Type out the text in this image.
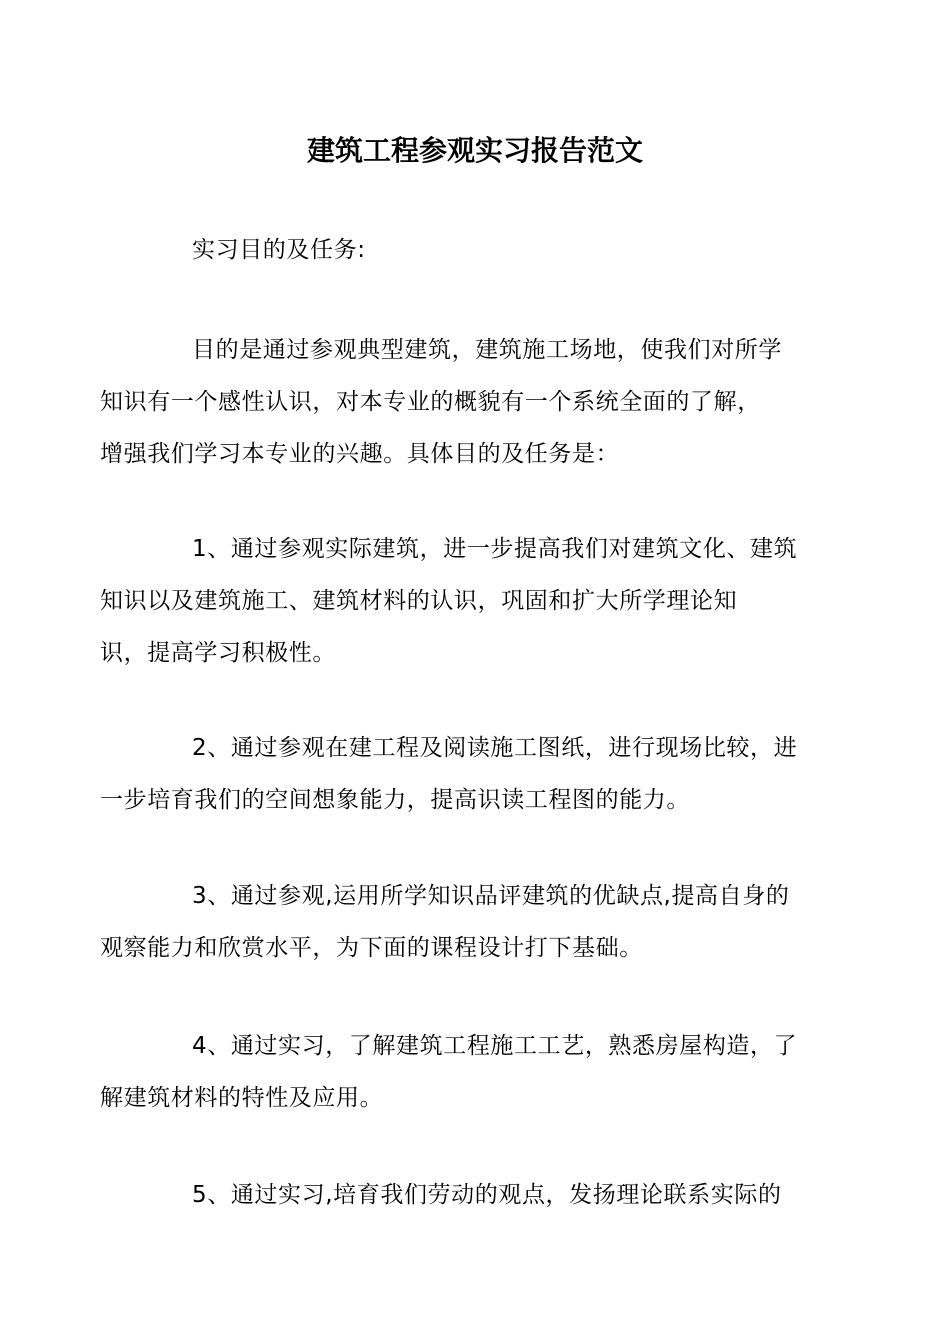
建筑工程参观实习报告范文

实习目的及任务:

目的是通过参观典型建筑，建筑施工场地，使我们对所学
知识有一个感性认识，对本专业的概貌有一个系统全面的了解，
增强我们学习本专业的兴趣。具体目的及任务是：

1、通过参观实际建筑，进一步提高我们对建筑文化、建筑
知识以及建筑施工、建筑材料的认识，巩固和扩大所学理论知
识，提高学习积极性。

2、通过参观在建工程及阅读施工图纸，进行现场比较，进
一步培育我们的空间想象能力，提高识读工程图的能力。

3、通过参观,运用所学知识品评建筑的优缺点,提高自身的
观察能力和欣赏水平，为下面的课程设计打下基础。

4、通过实习，了解建筑工程施工工艺，熟悉房屋构造，了
解建筑材料的特性及应用。

5、通过实习,培育我们劳动的观点，发扬理论联系实际的
